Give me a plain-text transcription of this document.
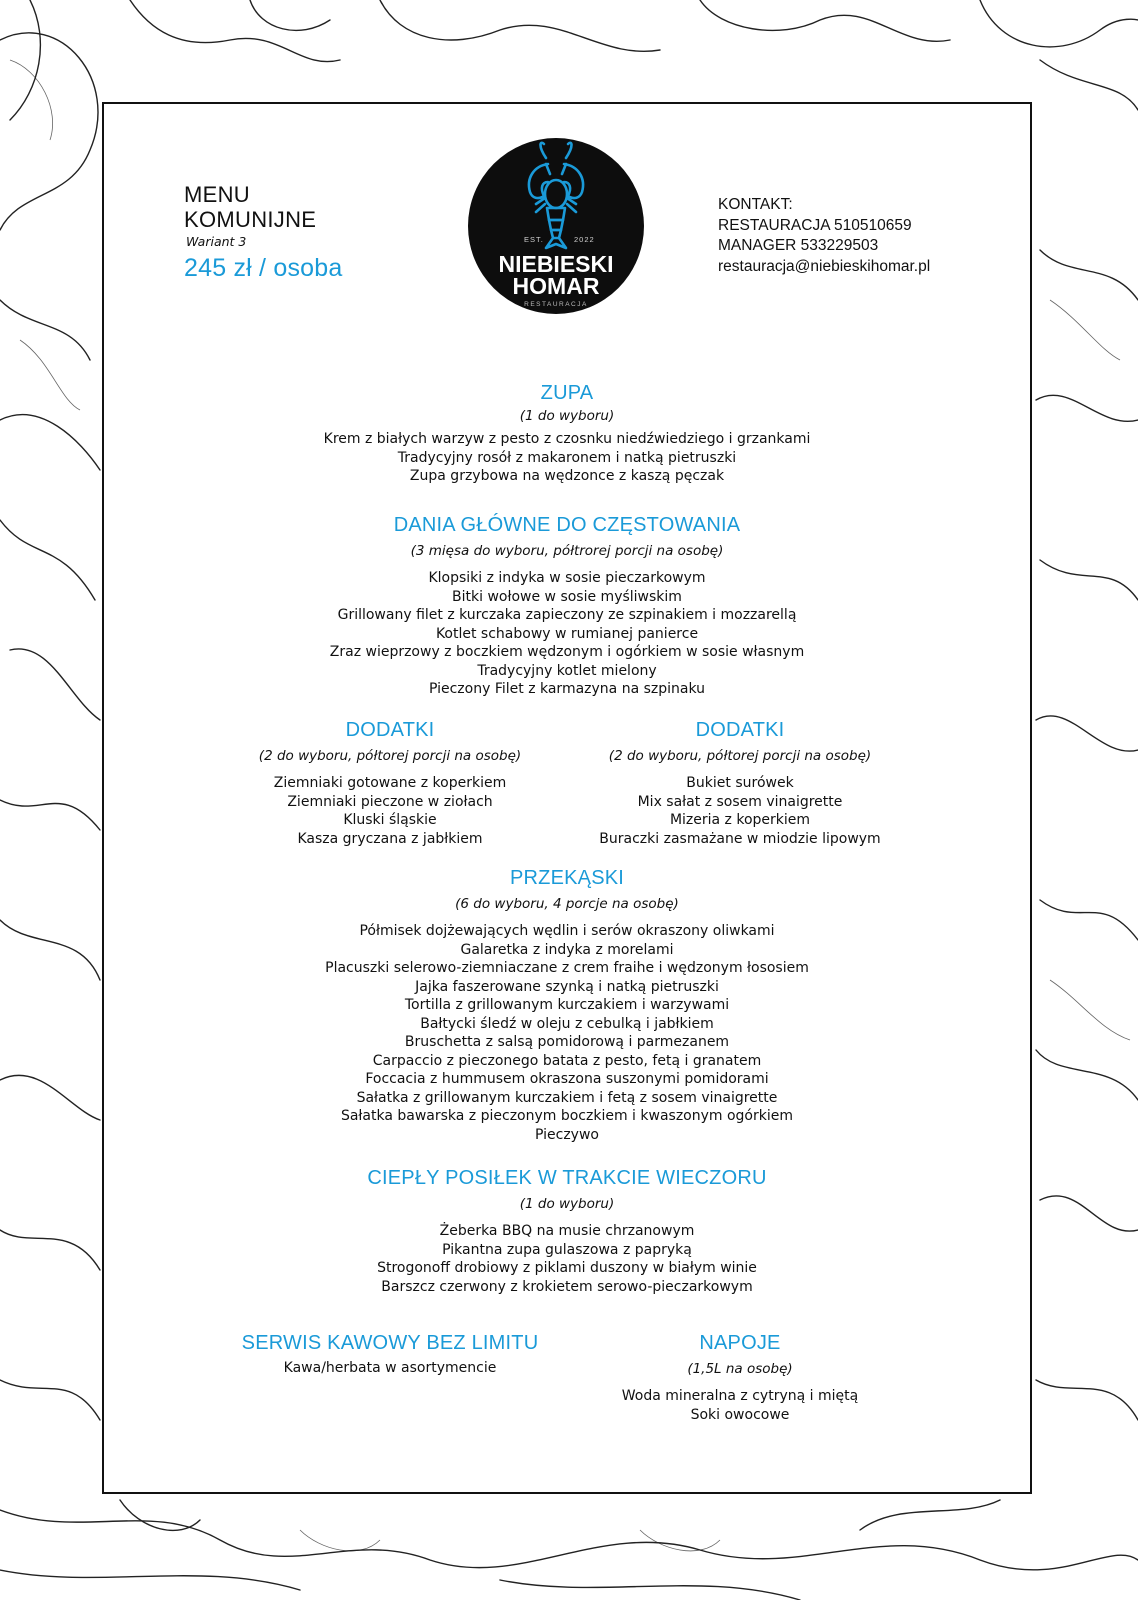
MENU
KOMUNIJNE
Wariant 3
245 zł / osoba
EST.	2022
NIEBIESKI
HOMAR
RESTAURACJA
KONTAKT:
RESTAURACJA 510510659
MANAGER 533229503
restauracja@niebieskihomar.pl
ZUPA
(1 do wyboru)
Krem z białych warzyw z pesto z czosnku niedźwiedziego i grzankami
Tradycyjny rosół z makaronem i natką pietruszki
Zupa grzybowa na wędzonce z kaszą pęczak
DANIA GŁÓWNE DO CZĘSTOWANIA
(3 mięsa do wyboru, półtrorej porcji na osobę)
Klopsiki z indyka w sosie pieczarkowym
Bitki wołowe w sosie myśliwskim
Grillowany filet z kurczaka zapieczony ze szpinakiem i mozzarellą
Kotlet schabowy w rumianej panierce
Zraz wieprzowy z boczkiem wędzonym i ogórkiem w sosie własnym
Tradycyjny kotlet mielony
Pieczony Filet z karmazyna na szpinaku
DODATKI
(2 do wyboru, półtorej porcji na osobę)
Ziemniaki gotowane z koperkiem
Ziemniaki pieczone w ziołach
Kluski śląskie
Kasza gryczana z jabłkiem
DODATKI
(2 do wyboru, półtorej porcji na osobę)
Bukiet surówek
Mix sałat z sosem vinaigrette
Mizeria z koperkiem
Buraczki zasmażane w miodzie lipowym
PRZEKĄSKI
(6 do wyboru, 4 porcje na osobę)
Półmisek dojżewających wędlin i serów okraszony oliwkami
Galaretka z indyka z morelami
Placuszki selerowo-ziemniaczane z crem fraihe i wędzonym łososiem
Jajka faszerowane szynką i natką pietruszki
Tortilla z grillowanym kurczakiem i warzywami
Bałtycki śledź w oleju z cebulką i jabłkiem
Bruschetta z salsą pomidorową i parmezanem
Carpaccio z pieczonego batata z pesto, fetą i granatem
Foccacia z hummusem okraszona suszonymi pomidorami
Sałatka z grillowanym kurczakiem i fetą z sosem vinaigrette
Sałatka bawarska z pieczonym boczkiem i kwaszonym ogórkiem
Pieczywo
CIEPŁY POSIŁEK W TRAKCIE WIECZORU
(1 do wyboru)
Żeberka BBQ na musie chrzanowym
Pikantna zupa gulaszowa z papryką
Strogonoff drobiowy z piklami duszony w białym winie
Barszcz czerwony z krokietem serowo-pieczarkowym
SERWIS KAWOWY BEZ LIMITU
Kawa/herbata w asortymencie
NAPOJE
(1,5L na osobę)
Woda mineralna z cytryną i miętą
Soki owocowe
